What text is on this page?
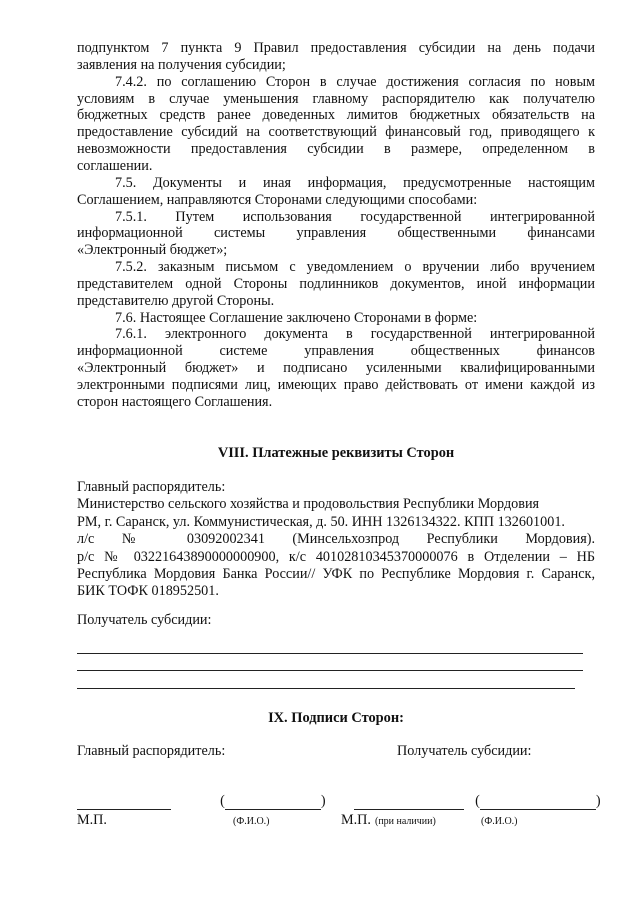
подпунктом 7 пункта 9 Правил предоставления субсидии на день подачи
заявления на получения субсидии;
7.4.2. по соглашению Сторон в случае достижения согласия по новым
условиям в случае уменьшения главному распорядителю как получателю
бюджетных средств ранее доведенных лимитов бюджетных обязательств на
предоставление субсидий на соответствующий финансовый год, приводящего к
невозможности предоставления субсидии в размере, определенном в
соглашении.
7.5. Документы и иная информация, предусмотренные настоящим
Соглашением, направляются Сторонами следующими способами:
7.5.1. Путем использования государственной интегрированной
информационной системы управления общественными финансами
«Электронный бюджет»;
7.5.2. заказным письмом с уведомлением о вручении либо вручением
представителем одной Стороны подлинников документов, иной информации
представителю другой Стороны.
7.6. Настоящее Соглашение заключено Сторонами в форме:
7.6.1. электронного документа в государственной интегрированной
информационной системе управления общественных финансов
«Электронный бюджет» и подписано усиленными квалифицированными
электронными подписями лиц, имеющих право действовать от имени каждой из
сторон настоящего Соглашения.
VIII. Платежные реквизиты Сторон
Главный распорядитель:
Министерство сельского хозяйства и продовольствия Республики Мордовия
РМ, г. Саранск, ул. Коммунистическая, д. 50. ИНН 1326134322. КПП 132601001.
л/с № 03092002341 (Минсельхозпрод Республики Мордовия).
р/с № 03221643890000000900, к/с 40102810345370000076 в Отделении – НБ
Республика Мордовия Банка России// УФК по Республике Мордовия г. Саранск,
БИК ТОФК 018952501.
Получатель субсидии:
IX. Подписи Сторон:
Главный распорядитель:	Получатель субсидии:
(	)	(	)
М.П.	(Ф.И.О.)	М.П. (при наличии)	(Ф.И.О.)
